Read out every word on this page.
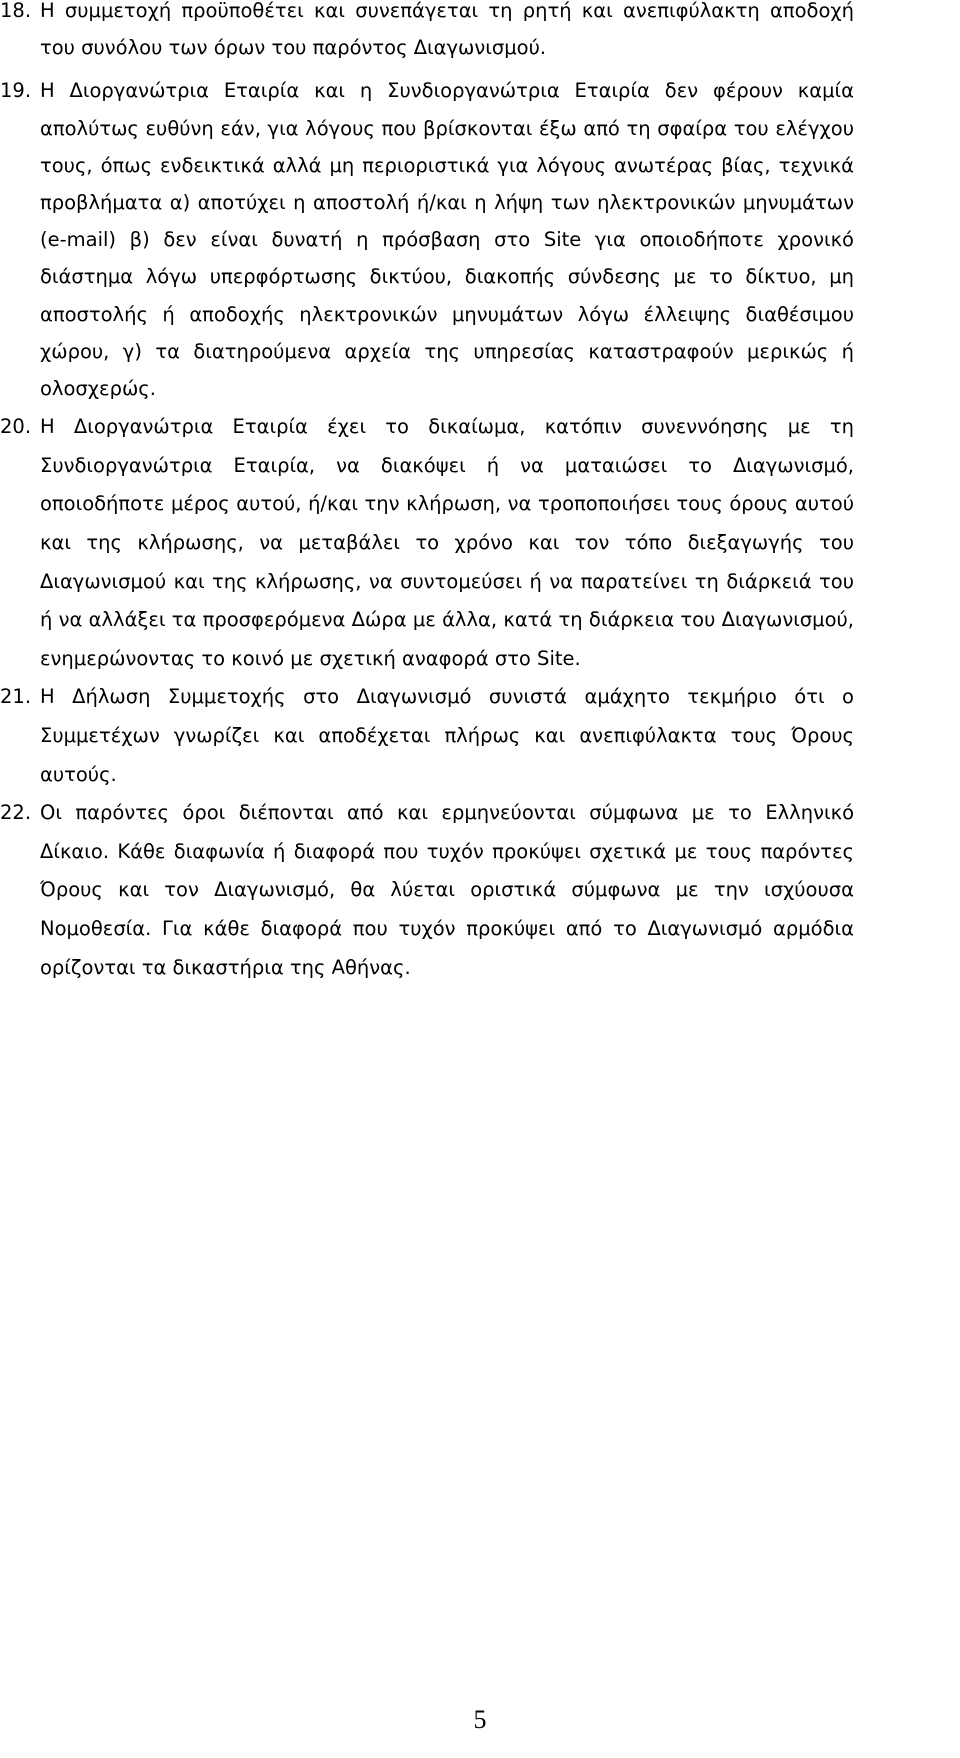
18. Η συμμετοχή προϋποθέτει και συνεπάγεται τη ρητή και ανεπιφύλακτη αποδοχή του συνόλου των όρων του παρόντος Διαγωνισμού.
19. Η Διοργανώτρια Εταιρία και η Συνδιοργανώτρια Εταιρία δεν φέρουν καμία απολύτως ευθύνη εάν, για λόγους που βρίσκονται έξω από τη σφαίρα του ελέγχου τους, όπως ενδεικτικά αλλά μη περιοριστικά για λόγους ανωτέρας βίας, τεχνικά προβλήματα α) αποτύχει η αποστολή ή/και η λήψη των ηλεκτρονικών μηνυμάτων (e-mail) β) δεν είναι δυνατή η πρόσβαση στο Site για οποιοδήποτε χρονικό διάστημα λόγω υπερφόρτωσης δικτύου, διακοπής σύνδεσης με το δίκτυο, μη αποστολής ή αποδοχής ηλεκτρονικών μηνυμάτων λόγω έλλειψης διαθέσιμου χώρου, γ) τα διατηρούμενα αρχεία της υπηρεσίας καταστραφούν μερικώς ή ολοσχερώς.
20. Η Διοργανώτρια Εταιρία έχει το δικαίωμα, κατόπιν συνεννόησης με τη Συνδιοργανώτρια Εταιρία, να διακόψει ή να ματαιώσει το Διαγωνισμό, οποιοδήποτε μέρος αυτού, ή/και την κλήρωση, να τροποποιήσει τους όρους αυτού και της κλήρωσης, να μεταβάλει το χρόνο και τον τόπο διεξαγωγής του Διαγωνισμού και της κλήρωσης, να συντομεύσει ή να παρατείνει τη διάρκειά του ή να αλλάξει τα προσφερόμενα Δώρα με άλλα, κατά τη διάρκεια του Διαγωνισμού, ενημερώνοντας το κοινό με σχετική αναφορά στο Site.
21. Η Δήλωση Συμμετοχής στο Διαγωνισμό συνιστά αμάχητο τεκμήριο ότι ο Συμμετέχων γνωρίζει και αποδέχεται πλήρως και ανεπιφύλακτα τους Όρους αυτούς.
22. Οι παρόντες όροι διέπονται από και ερμηνεύονται σύμφωνα με το Ελληνικό Δίκαιο. Κάθε διαφωνία ή διαφορά που τυχόν προκύψει σχετικά με τους παρόντες Όρους και τον Διαγωνισμό, θα λύεται οριστικά σύμφωνα με την ισχύουσα Νομοθεσία. Για κάθε διαφορά που τυχόν προκύψει από το Διαγωνισμό αρμόδια ορίζονται τα δικαστήρια της Αθήνας.
5
